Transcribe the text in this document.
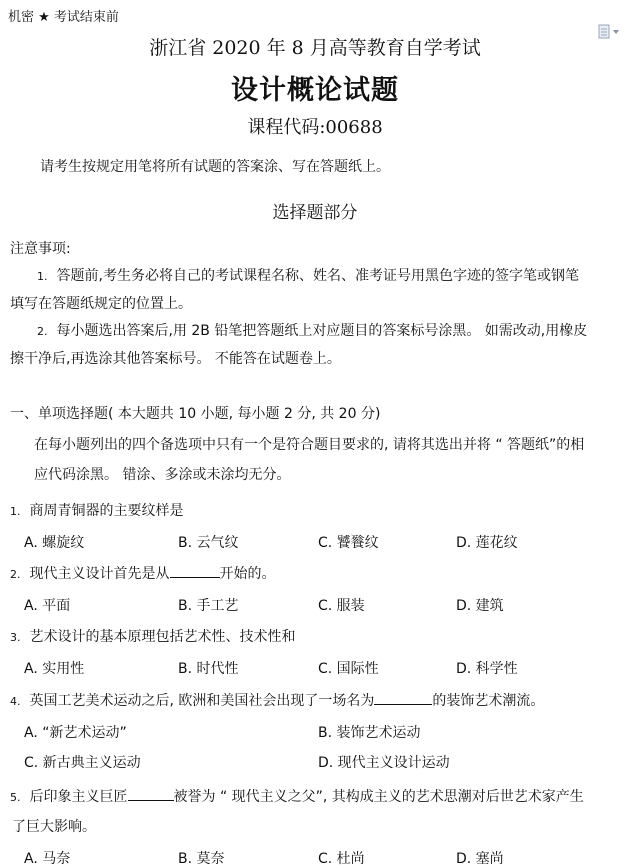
机密 ★ 考试结束前
浙江省 2020 年 8 月高等教育自学考试
设计概论试题
课程代码:00688
请考生按规定用笔将所有试题的答案涂、写在答题纸上。
选择题部分
注意事项:
1. 答题前,考生务必将自己的考试课程名称、姓名、准考证号用黑色字迹的签字笔或钢笔
填写在答题纸规定的位置上。
2. 每小题选出答案后,用 2B 铅笔把答题纸上对应题目的答案标号涂黑。 如需改动,用橡皮
擦干净后,再选涂其他答案标号。 不能答在试题卷上。
一、单项选择题( 本大题共 10 小题, 每小题 2 分, 共 20 分)
在每小题列出的四个备选项中只有一个是符合题目要求的, 请将其选出并将 “ 答题纸”的相
应代码涂黑。 错涂、多涂或未涂均无分。
1. 商周青铜器的主要纹样是
A. 螺旋纹	B. 云气纹	C. 饕餮纹	D. 莲花纹
2. 现代主义设计首先是从	开始的。
A. 平面	B. 手工艺	C. 服装	D. 建筑
3. 艺术设计的基本原理包括艺术性、技术性和
A. 实用性	B. 时代性	C. 国际性	D. 科学性
4. 英国工艺美术运动之后, 欧洲和美国社会出现了一场名为	的装饰艺术潮流。
A. “新艺术运动”	B. 装饰艺术运动
C. 新古典主义运动	D. 现代主义设计运动
5. 后印象主义巨匠	被誉为 “ 现代主义之父”, 其构成主义的艺术思潮对后世艺术家产生
了巨大影响。
A. 马奈	B. 莫奈	C. 杜尚	D. 塞尚
